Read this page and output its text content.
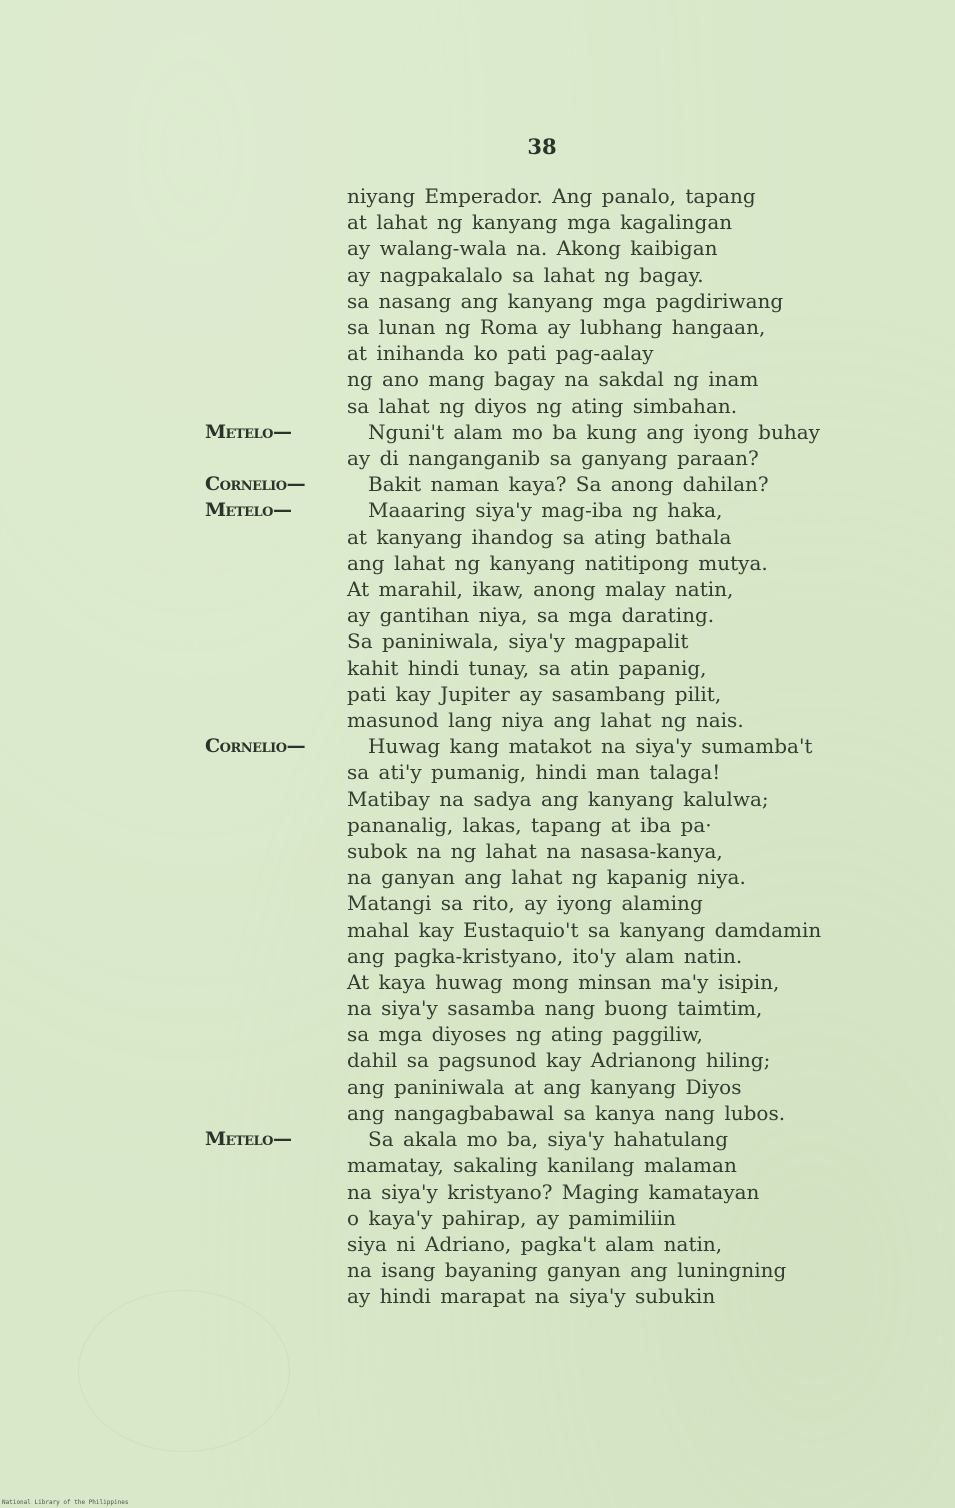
38
niyang Emperador. Ang panalo, tapang
at lahat ng kanyang mga kagalingan
ay walang-wala na. Akong kaibigan
ay nagpakalalo sa lahat ng bagay.
sa nasang ang kanyang mga pagdiriwang
sa lunan ng Roma ay lubhang hangaan,
at inihanda ko pati pag-aalay
ng ano mang bagay na sakdal ng inam
sa lahat ng diyos ng ating simbahan.
Metelo—	Nguni't alam mo ba kung ang iyong buhay
ay di nanganganib sa ganyang paraan?
Cornelio—	Bakit naman kaya? Sa anong dahilan?
Metelo—	Maaaring siya'y mag-iba ng haka,
at kanyang ihandog sa ating bathala
ang lahat ng kanyang natitipong mutya.
At marahil, ikaw, anong malay natin,
ay gantihan niya, sa mga darating.
Sa paniniwala, siya'y magpapalit
kahit hindi tunay, sa atin papanig,
pati kay Jupiter ay sasambang pilit,
masunod lang niya ang lahat ng nais.
Cornelio—	Huwag kang matakot na siya'y sumamba't
sa ati'y pumanig, hindi man talaga!
Matibay na sadya ang kanyang kalulwa;
pananalig, lakas, tapang at iba pa·
subok na ng lahat na nasasa-kanya,
na ganyan ang lahat ng kapanig niya.
Matangi sa rito, ay iyong alaming
mahal kay Eustaquio't sa kanyang damdamin
ang pagka-kristyano, ito'y alam natin.
At kaya huwag mong minsan ma'y isipin,
na siya'y sasamba nang buong taimtim,
sa mga diyoses ng ating paggiliw,
dahil sa pagsunod kay Adrianong hiling;
ang paniniwala at ang kanyang Diyos
ang nangagbabawal sa kanya nang lubos.
Metelo—	Sa akala mo ba, siya'y hahatulang
mamatay, sakaling kanilang malaman
na siya'y kristyano? Maging kamatayan
o kaya'y pahirap, ay pamimiliin
siya ni Adriano, pagka't alam natin,
na isang bayaning ganyan ang luningning
ay hindi marapat na siya'y subukin
National Library of the Philippines
